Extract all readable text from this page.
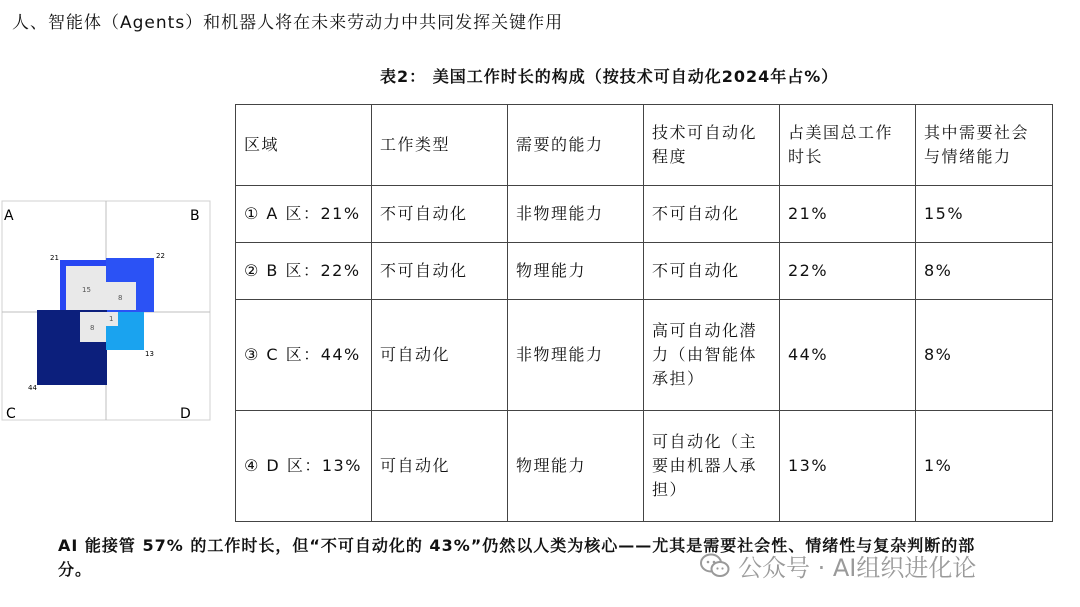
人、智能体（Agents）和机器人将在未来劳动力中共同发挥关键作用
A	B
C	D
21	22
15
8
1
8
13
44
表2： 美国工作时长的构成（按技术可自动化2024年占%）
区域	工作类型	需要的能力	技术可自动化程度	占美国总工作时长	其中需要社会与情绪能力
① A 区：21%	不可自动化	非物理能力	不可自动化	21%	15%
② B 区：22%	不可自动化	物理能力	不可自动化	22%	8%
③ C 区：44%	可自动化	非物理能力	高可自动化潜力（由智能体承担）	44%	8%
④ D 区：13%	可自动化	物理能力	可自动化（主要由机器人承担）	13%	1%
AI 能接管 57% 的工作时长，但“不可自动化的 43%”仍然以人类为核心——尤其是需要社会性、情绪性与复杂判断的部分。	公众号 · AI组织进化论
